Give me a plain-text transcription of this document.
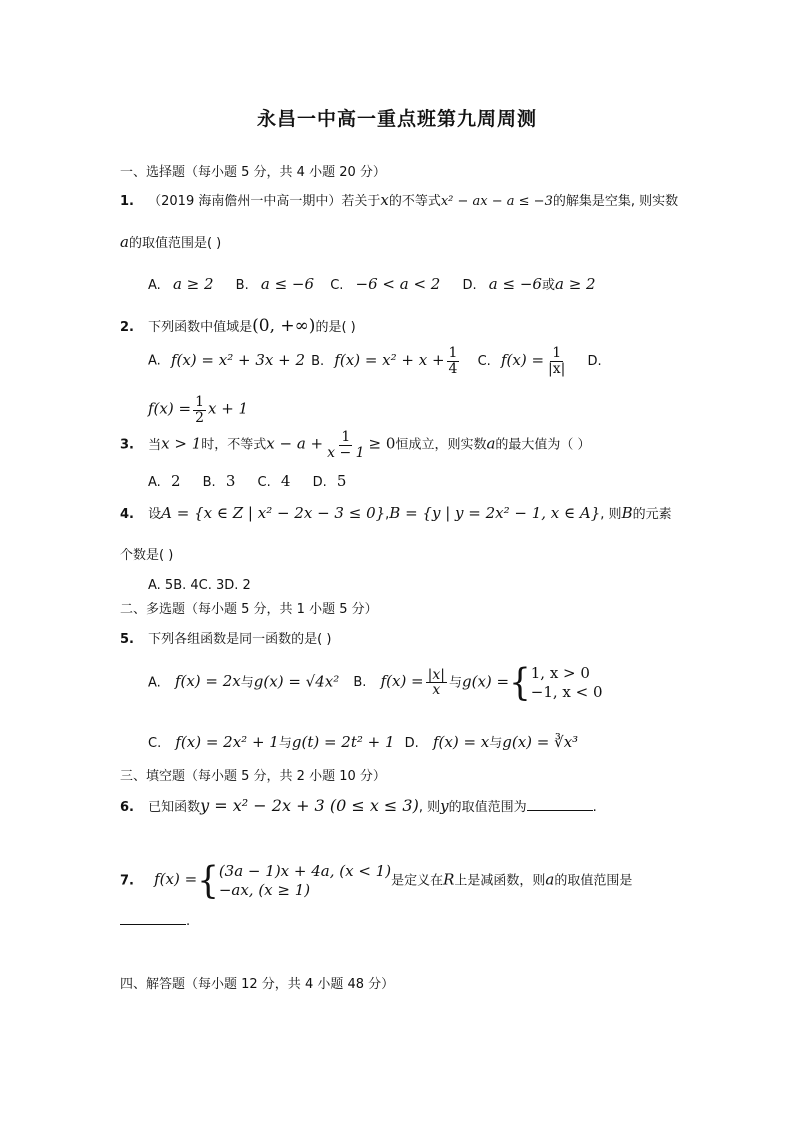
永昌一中高一重点班第九周周测
一、选择题（每小题 5 分，共 4 小题 20 分）
1. （2019 海南儋州一中高一期中）若关于x的不等式x² − ax − a ≤ −3的解集是空集, 则实数
a的取值范围是( )
A. a ≥ 2 B. a ≤ −6 C. −6 < a < 2 D. a ≤ −6或a ≥ 2
2. 下列函数中值域是(0, +∞)的是( )
A. f(x) = x² + 3x + 2 B. $f(x) = x^2 + x + \frac{1}{4} C$. $f(x) = \frac{1}{|x|} D$.
$f(x) = \frac{1}{2}$ x + 1
3. 当x > 1时，不等式$x - a + \frac{1}{x - 1} \ge 0$恒成立，则实数a的最大值为（ ）
A. 2 B. 3 C. 4 D. 5
4. 设A = {x ∈ Z | x² − 2x − 3 ≤ 0},B = {y | y = 2x² − 1, x ∈ A}, 则B的元素
个数是( )
A. 5B. 4C. 3D. 2
二、多选题（每小题 5 分，共 1 小题 5 分）
5. 下列各组函数是同一函数的是( )
A. f(x) = 2x与g(x) = √4x² B. $f(x) = \frac{|x|}{x}$ 与g(x) ={ 1, x > 0
−1, x < 0
C. f(x) = 2x² + 1与g(t) = 2t² + 1 D. f(x) = x与g(x) = ∛x³
三、填空题（每小题 5 分，共 2 小题 10 分）
6. 已知函数y = x² − 2x + 3 (0 ≤ x ≤ 3), 则y的取值范围为	.
7. f(x) ={ (3a − 1)x + 4a, (x < 1)
−ax, (x ≥ 1)	是定义在R上是减函数，则a的取值范围是
.
四、解答题（每小题 12 分，共 4 小题 48 分）
